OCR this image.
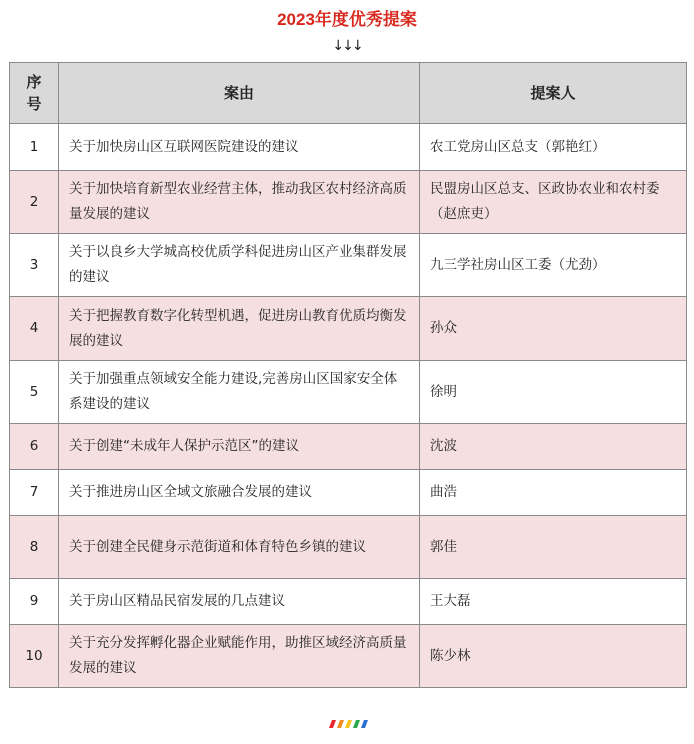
2023年度优秀提案
↓↓↓
序号	案由	提案人
1	关于加快房山区互联网医院建设的建议	农工党房山区总支（郭艳红）
2	关于加快培育新型农业经营主体，推动我区农村经济高质量发展的建议	民盟房山区总支、区政协农业和农村委（赵庶吏）
3	关于以良乡大学城高校优质学科促进房山区产业集群发展的建议	九三学社房山区工委（尤劲）
4	关于把握教育数字化转型机遇，促进房山教育优质均衡发展的建议	孙众
5	关于加强重点领域安全能力建设,完善房山区国家安全体系建设的建议	徐明
6	关于创建“未成年人保护示范区”的建议	沈波
7	关于推进房山区全域文旅融合发展的建议	曲浩
8	关于创建全民健身示范街道和体育特色乡镇的建议	郭佳
9	关于房山区精品民宿发展的几点建议	王大磊
10	关于充分发挥孵化器企业赋能作用，助推区域经济高质量发展的建议	陈少林
